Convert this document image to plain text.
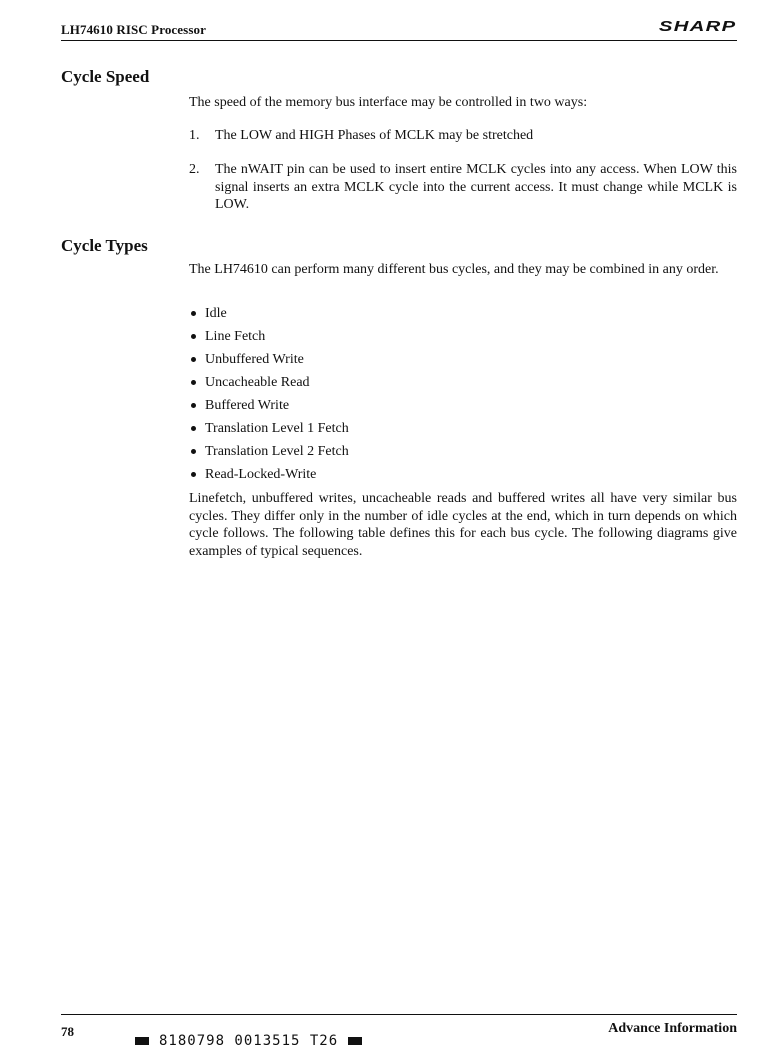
LH74610 RISC Processor	SHARP
Cycle Speed

The speed of the memory bus interface may be controlled in two ways:

1. The LOW and HIGH Phases of MCLK may be stretched
2. The nWAIT pin can be used to insert entire MCLK cycles into any access. When LOW this signal inserts an extra MCLK cycle into the current access. It must change while MCLK is LOW.
Cycle Types

The LH74610 can perform many different bus cycles, and they may be combined in any order.

Idle
Line Fetch
Unbuffered Write
Uncacheable Read
Buffered Write
Translation Level 1 Fetch
Translation Level 2 Fetch
Read-Locked-Write

Linefetch, unbuffered writes, uncacheable reads and buffered writes all have very similar bus cycles. They differ only in the number of idle cycles at the end, which in turn depends on which cycle follows. The following table defines this for each bus cycle. The following diagrams give examples of typical sequences.

78	Advance Information
8180798 0013515 T26
